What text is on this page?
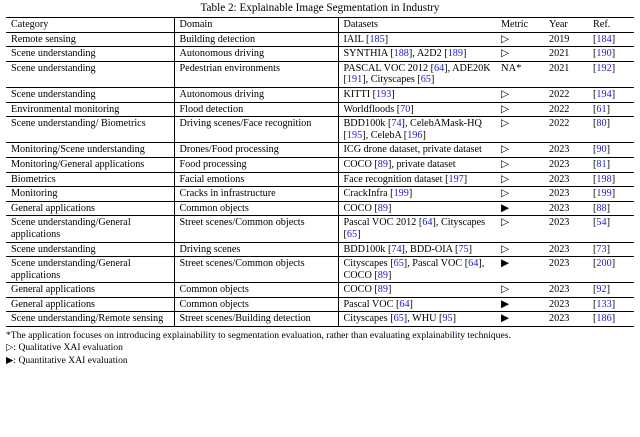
Table 2: Explainable Image Segmentation in Industry
Category	Domain	Datasets	Metric	Year	Ref.
Remote sensing	Building detection	IAIL [185]	▷	2019	[184]
Scene understanding	Autonomous driving	SYNTHIA [188], A2D2 [189]	▷	2021	[190]
Scene understanding	Pedestrian environments	PASCAL VOC 2012 [64], ADE20K [191], Cityscapes [65]	NA*	2021	[192]
Scene understanding	Autonomous driving	KITTI [193]	▷	2022	[194]
Environmental monitoring	Flood detection	Worldfloods [70]	▷	2022	[61]
Scene understanding/ Biometrics	Driving scenes/Face recognition	BDD100k [74], CelebAMask-HQ [195], CelebA [196]	▷	2022	[80]
Monitoring/Scene understanding	Drones/Food processing	ICG drone dataset, private dataset	▷	2023	[90]
Monitoring/General applications	Food processing	COCO [89], private dataset	▷	2023	[81]
Biometrics	Facial emotions	Face recognition dataset [197]	▷	2023	[198]
Monitoring	Cracks in infrastructure	CrackInfra [199]	▷	2023	[199]
General applications	Common objects	COCO [89]	▶	2023	[88]
Scene understanding/General applications	Street scenes/Common objects	Pascal VOC 2012 [64], Cityscapes [65]	▷	2023	[54]
Scene understanding	Driving scenes	BDD100k [74], BDD-OIA [75]	▷	2023	[73]
Scene understanding/General applications	Street scenes/Common objects	Cityscapes [65], Pascal VOC [64], COCO [89]	▶	2023	[200]
General applications	Common objects	COCO [89]	▷	2023	[92]
General applications	Common objects	Pascal VOC [64]	▶	2023	[133]
Scene understanding/Remote sensing	Street scenes/Building detection	Cityscapes [65], WHU [95]	▶	2023	[186]
*The application focuses on introducing explainability to segmentation evaluation, rather than evaluating explainability techniques.
▷: Qualitative XAI evaluation
▶: Quantitative XAI evaluation
